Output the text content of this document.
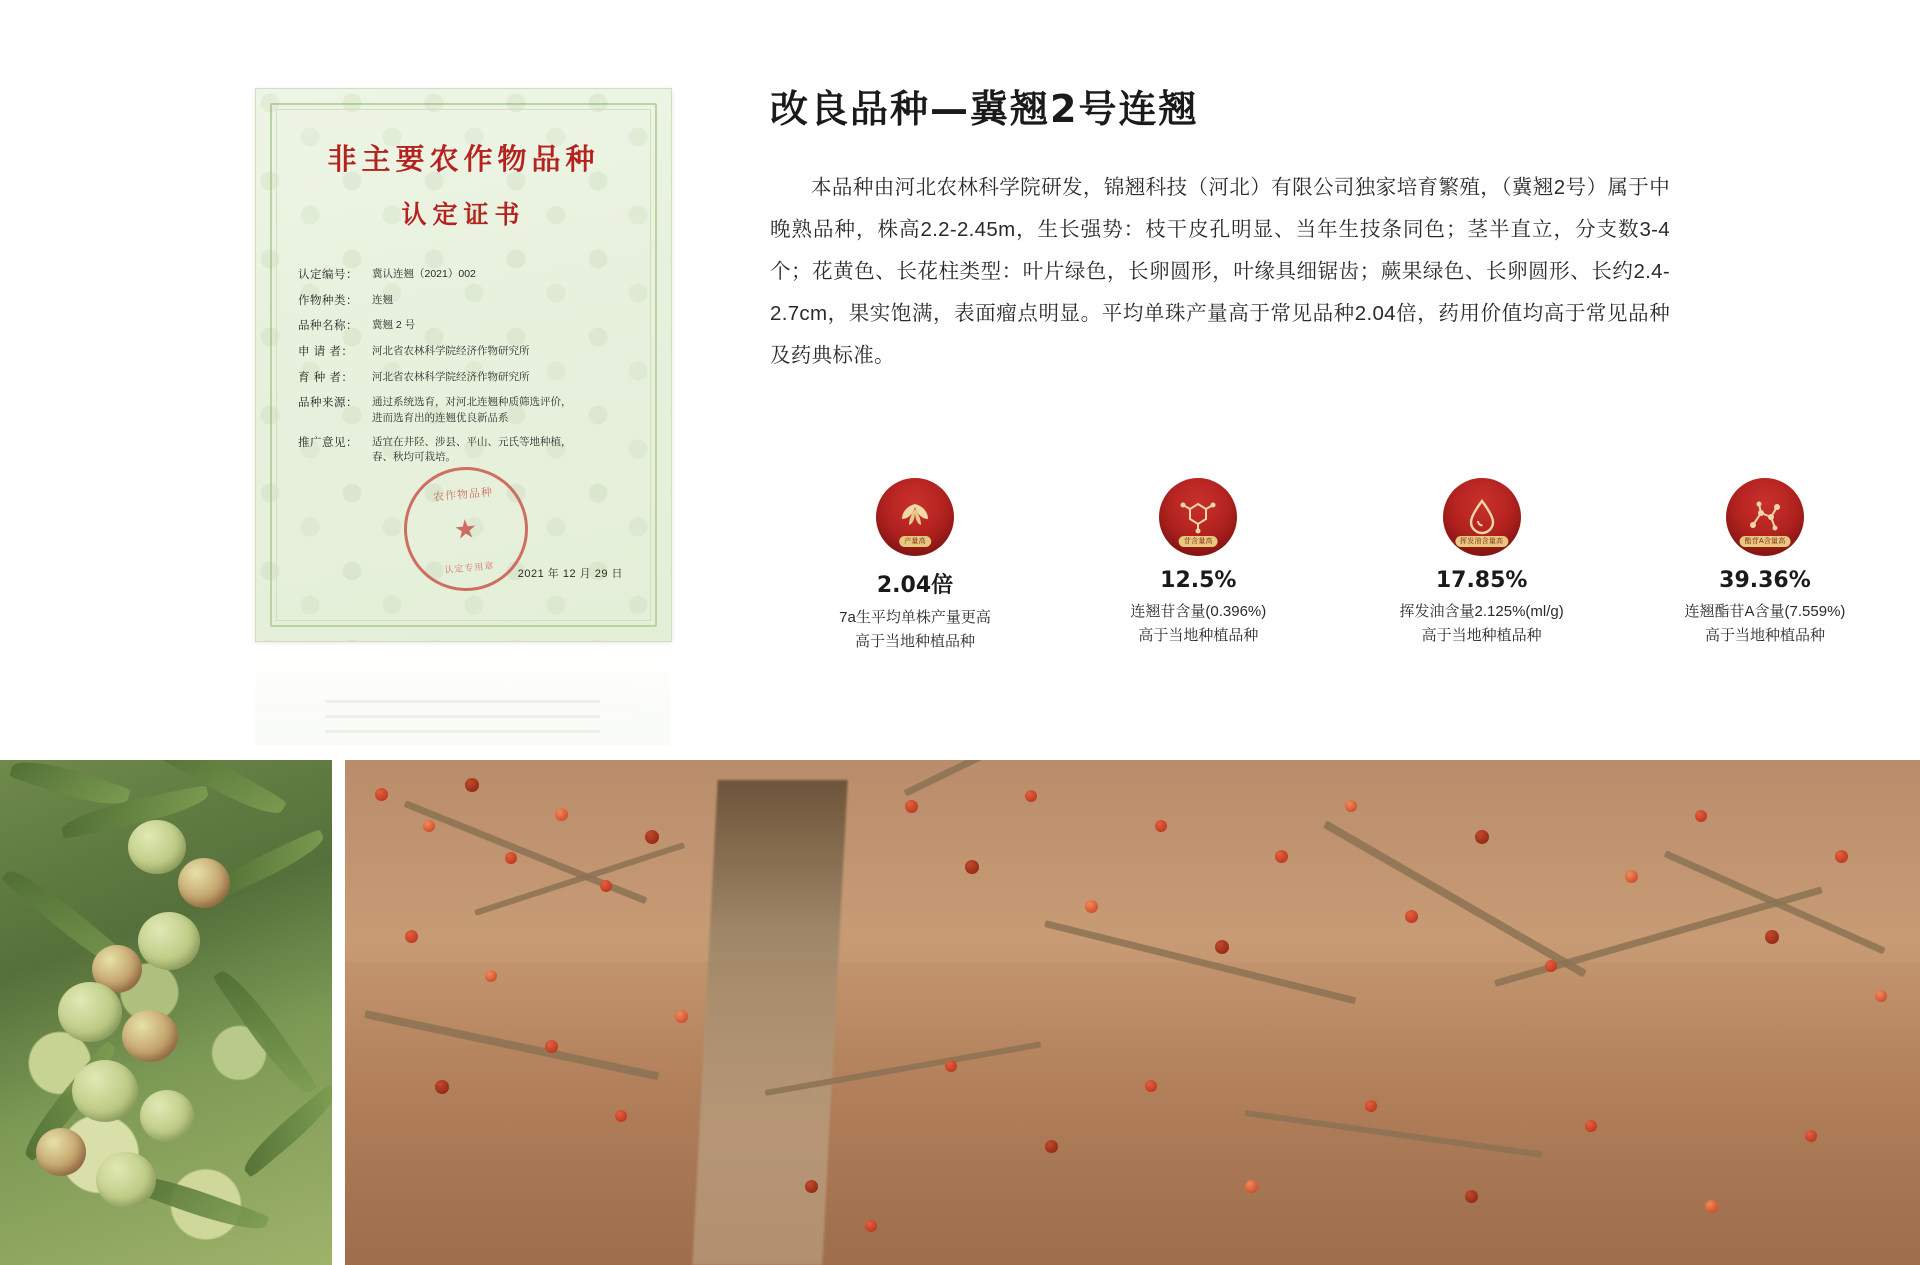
非主要农作物品种
认定证书
认定编号：	冀认连翘（2021）002
作物种类：	连翘
品种名称：	冀翘 2 号
申 请 者：	河北省农林科学院经济作物研究所
育 种 者：	河北省农林科学院经济作物研究所
品种来源：	通过系统选育，对河北连翘种质筛选评价，
进而选育出的连翘优良新品系
推广意见：	适宜在井陉、涉县、平山、元氏等地种植，
春、秋均可栽培。
农作物品种
★
认定专用章 2021 年 12 月 29 日
改良品种—冀翘2号连翘

本品种由河北农林科学院研发，锦翘科技（河北）有限公司独家培育繁殖，（冀翘2号）属于中晚熟品种，株高2.2-2.45m，生长强势：枝干皮孔明显、当年生技条同色；茎半直立，分支数3-4个；花黄色、长花柱类型：叶片绿色，长卵圆形，叶缘具细锯齿；蕨果绿色、长卵圆形、长约2.4-2.7cm，果实饱满，表面瘤点明显。平均单珠产量高于常见品种2.04倍，药用价值均高于常见品种及药典标准。

产量高
2.04倍
7a生平均单株产量更高
高于当地种植品种
苷含量高
12.5%
连翘苷含量(0.396%)
高于当地种植品种
挥发油含量高
17.85%
挥发油含量2.125%(ml/g)
高于当地种植品种
酯苷A含量高
39.36%
连翘酯苷A含量(7.559%)
高于当地种植品种
